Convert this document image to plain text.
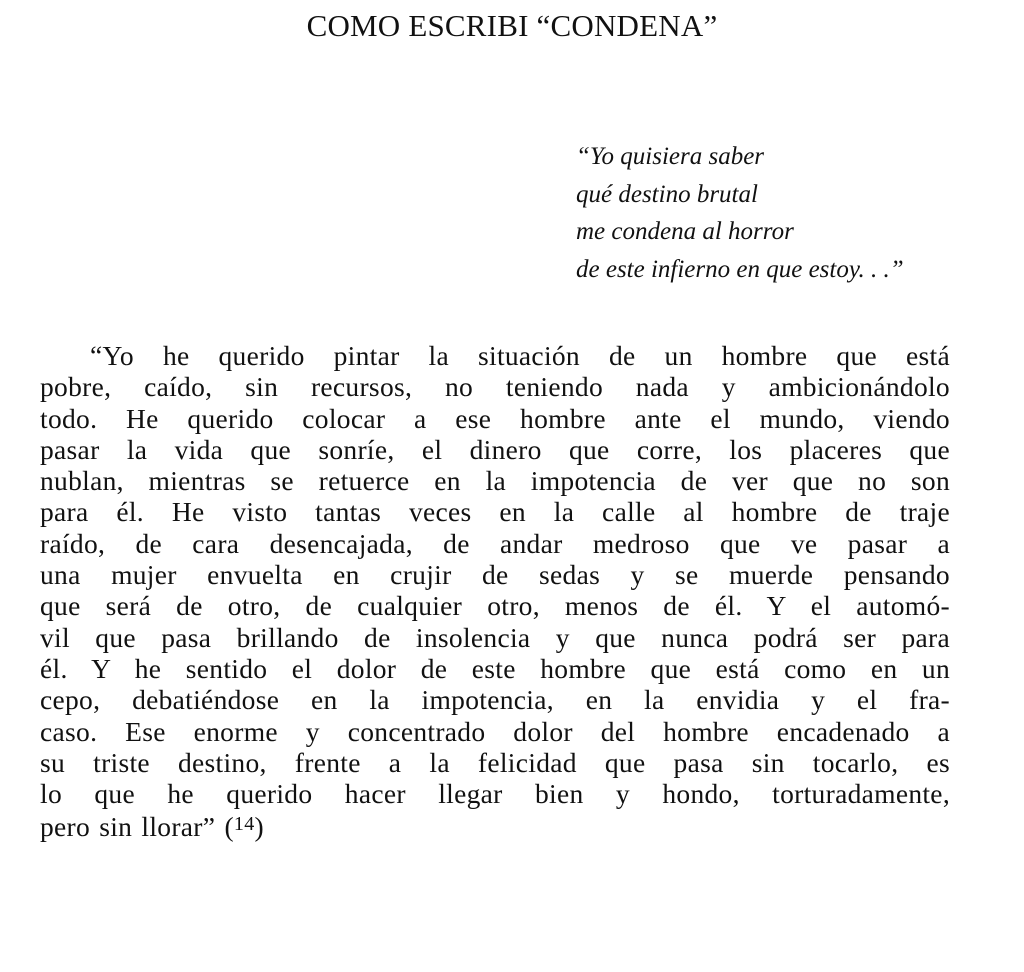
COMO ESCRIBI “CONDENA”
“Yo quisiera saber
qué destino brutal
me condena al horror
de este infierno en que estoy. . .”
“Yo he querido pintar la situación de un hombre que está
pobre, caído, sin recursos, no teniendo nada y ambicionándolo
todo. He querido colocar a ese hombre ante el mundo, viendo
pasar la vida que sonríe, el dinero que corre, los placeres que
nublan, mientras se retuerce en la impotencia de ver que no son
para él. He visto tantas veces en la calle al hombre de traje
raído, de cara desencajada, de andar medroso que ve pasar a
una mujer envuelta en crujir de sedas y se muerde pensando
que será de otro, de cualquier otro, menos de él. Y el automó-
vil que pasa brillando de insolencia y que nunca podrá ser para
él. Y he sentido el dolor de este hombre que está como en un
cepo, debatiéndose en la impotencia, en la envidia y el fra-
caso. Ese enorme y concentrado dolor del hombre encadenado a
su triste destino, frente a la felicidad que pasa sin tocarlo, es
lo que he querido hacer llegar bien y hondo, torturadamente,
pero sin llorar” ($^{14}$)
